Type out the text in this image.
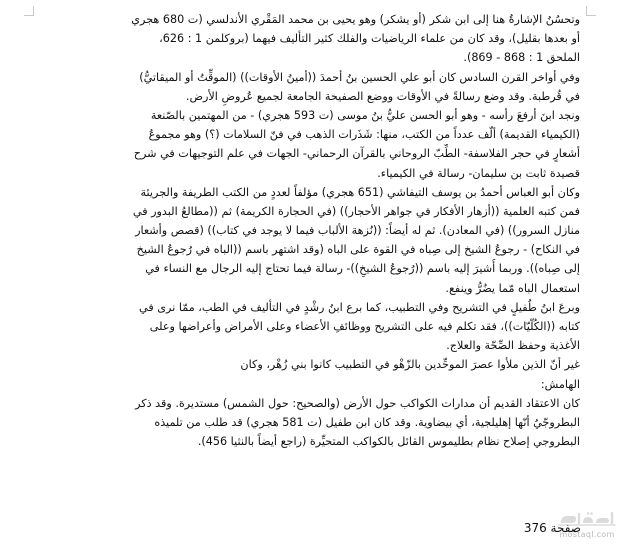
وتحسُنُ الإشارةُ هنا إلى ابن شكر (أو يشكر) وهو يحيى بن محمد المَقْري الأندلسي (ت 680 هجري
أو بعدها بقليل)، وقد كان من علماء الرياضيات والفلك كثير التأليف فيهما (بروكلمن 1 : 626،
الملحق 1 : 868 - 869).

وفي أواخر القرن السادس كان أبو علي الحسين بنُ أحمدَ ((أمينُ الأوقات)) (الموقِّتُ أو الميقاتيُّ)
في قُرطبة. وقد وضع رسالةً في الأوقات ووضع الصفيحة الجامعة لجميع عُروضِ الأرض.

ونجد ابنَ أرفعَ رأسه - وهو أبو الحسن عليُّ بنُ موسى (ت 593 هجري) - من المهتمين بالصّنعة
(الكيمياء القديمة) ألّف عدداً من الكتب، منها: شَذَرات الذهب في فنّ السلامات (؟) وهو مجموعُ
أشعارٍ في حجر الفلاسفة- الطِّبّ الروحاني بالقرآن الرحماني- الجهات في علم التوجيهات في شرح
قصيدة ثابت بن سليمان- رسالة في الكيمياء.

وكان أبو العباس أحمدُ بن يوسف التيفاشي (651 هجري) مؤلفاً لعددٍ من الكتب الطريفة والجريئة
فمن كتبه العلمية ((أزهار الأفكار في جواهر الأحجار)) (في الحجارة الكريمة) ثم ((مطالعُ البدور في
منازل السرور)) (في المعادن). ثم له أيضاً: ((نُزهة الألباب فيما لا يوجد في كتاب)) (قصص وأشعار
في النكاح) - رجوعُ الشيخ إلى صِباه في القوة على الباه (وقد اشتهر باسم ((الباه في رُجوعُ الشيخ
إلى صِباه)). وربما أُشيرَ إليه باسم ((رُجوعُ الشيخِ))- رسالة فيما تحتاج إليه الرجال مع النساء في
استعمال الباه مّما يضُرُّ وينفع.

وبرعَ ابنُ طُفيلٍ في التشريح وفي التطبيب، كما برع ابنُ رشْدٍ في التأليف في الطب، ممّا نرى في
كتابه ((الكُلّيّات))، فقد تكلم فيه على التشريح ووظائفِ الأعضاء وعلى الأمراض وأعراضها وعلى
الأغذية وحفظ الصِّحّة والعلاج.

غير أنّ الذين ملأوا عصرَ الموحِّدين بالزّهْو في التطبيب كانوا بني زُهْر، وكان

الهامش:

كان الاعتقاد القديم أن مدارات الكواكب حول الأرض (والصحيح: حول الشمس) مستديرة. وقد ذكر
البطروجّيُ أنّها إهليلجية، أي بيضاوية. وقد كان ابن طفيل (ت 581 هجري) قد طلب من تلميذه
البطروجي إصلاح نظام بطليموس القائل بالكواكب المتحيِّرة (راجع أيضاً بالنثيا 456).

صفحة 376
mostaql.com
